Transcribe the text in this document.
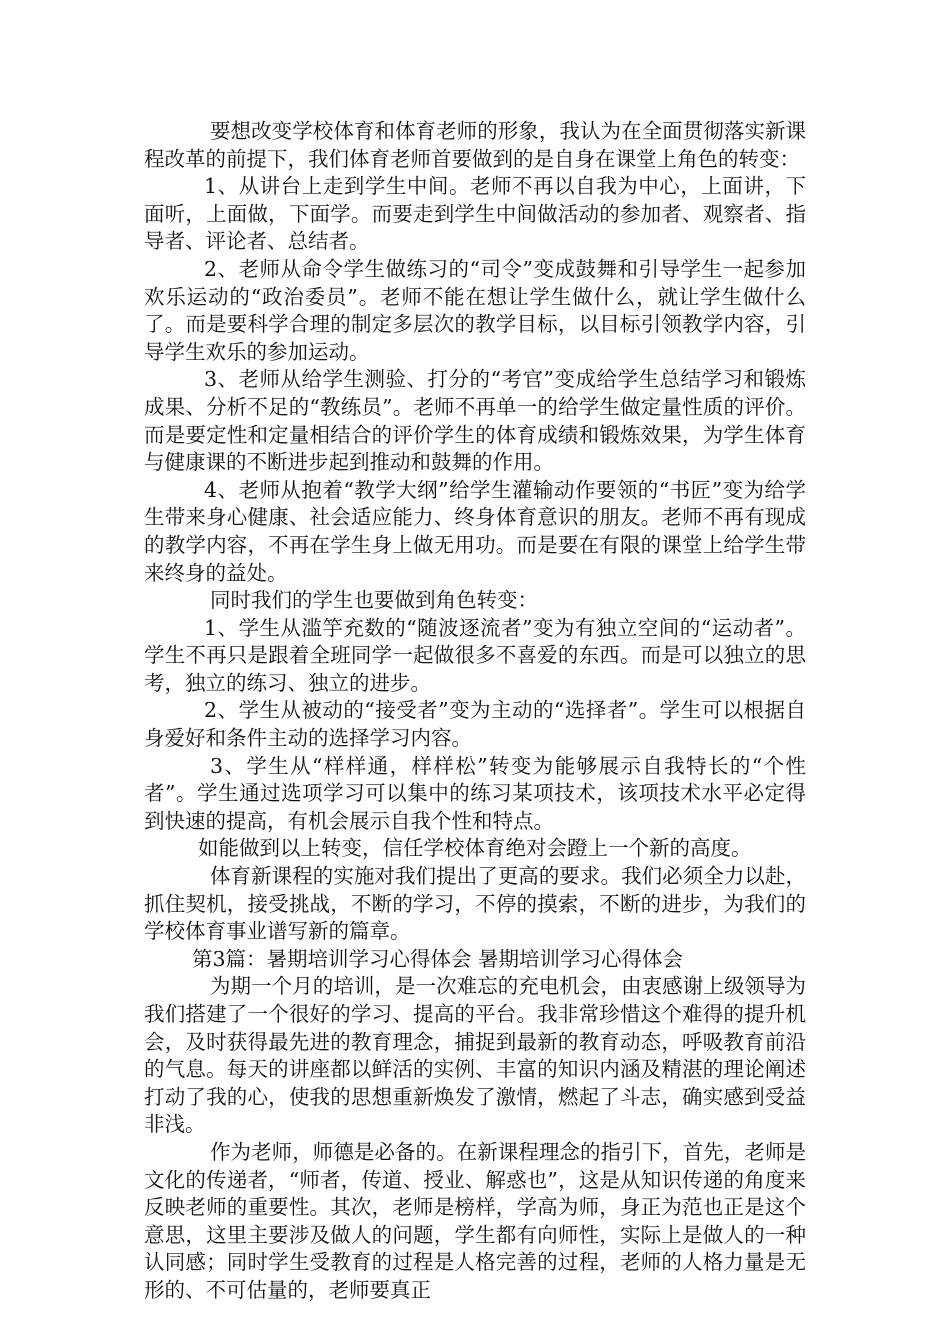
要想改变学校体育和体育老师的形象，我认为在全面贯彻落实新课程改革的前提下，我们体育老师首要做到的是自身在课堂上角色的转变：

1、从讲台上走到学生中间。老师不再以自我为中心，上面讲，下面听，上面做，下面学。而要走到学生中间做活动的参加者、观察者、指导者、评论者、总结者。

2、老师从命令学生做练习的“司令”变成鼓舞和引导学生一起参加欢乐运动的“政治委员”。老师不能在想让学生做什么，就让学生做什么了。而是要科学合理的制定多层次的教学目标，以目标引领教学内容，引导学生欢乐的参加运动。

3、老师从给学生测验、打分的“考官”变成给学生总结学习和锻炼成果、分析不足的“教练员”。老师不再单一的给学生做定量性质的评价。而是要定性和定量相结合的评价学生的体育成绩和锻炼效果，为学生体育与健康课的不断进步起到推动和鼓舞的作用。

4、老师从抱着“教学大纲”给学生灌输动作要领的“书匠”变为给学生带来身心健康、社会适应能力、终身体育意识的朋友。老师不再有现成的教学内容，不再在学生身上做无用功。而是要在有限的课堂上给学生带来终身的益处。

同时我们的学生也要做到角色转变：

1、学生从滥竽充数的“随波逐流者”变为有独立空间的“运动者”。学生不再只是跟着全班同学一起做很多不喜爱的东西。而是可以独立的思考，独立的练习、独立的进步。

2、学生从被动的“接受者”变为主动的“选择者”。学生可以根据自身爱好和条件主动的选择学习内容。

3、学生从“样样通，样样松”转变为能够展示自我特长的“个性者”。学生通过选项学习可以集中的练习某项技术，该项技术水平必定得到快速的提高，有机会展示自我个性和特点。

如能做到以上转变，信任学校体育绝对会蹬上一个新的高度。

体育新课程的实施对我们提出了更高的要求。我们必须全力以赴，抓住契机，接受挑战，不断的学习，不停的摸索，不断的进步，为我们的学校体育事业谱写新的篇章。

第3篇：暑期培训学习心得体会 暑期培训学习心得体会

为期一个月的培训，是一次难忘的充电机会，由衷感谢上级领导为我们搭建了一个很好的学习、提高的平台。我非常珍惜这个难得的提升机会，及时获得最先进的教育理念，捕捉到最新的教育动态，呼吸教育前沿的气息。每天的讲座都以鲜活的实例、丰富的知识内涵及精湛的理论阐述打动了我的心，使我的思想重新焕发了激情，燃起了斗志，确实感到受益非浅。

作为老师，师德是必备的。在新课程理念的指引下，首先，老师是文化的传递者，“师者，传道、授业、解惑也”，这是从知识传递的角度来反映老师的重要性。其次，老师是榜样，学高为师，身正为范也正是这个意思，这里主要涉及做人的问题，学生都有向师性，实际上是做人的一种认同感；同时学生受教育的过程是人格完善的过程，老师的人格力量是无形的、不可估量的，老师要真正
